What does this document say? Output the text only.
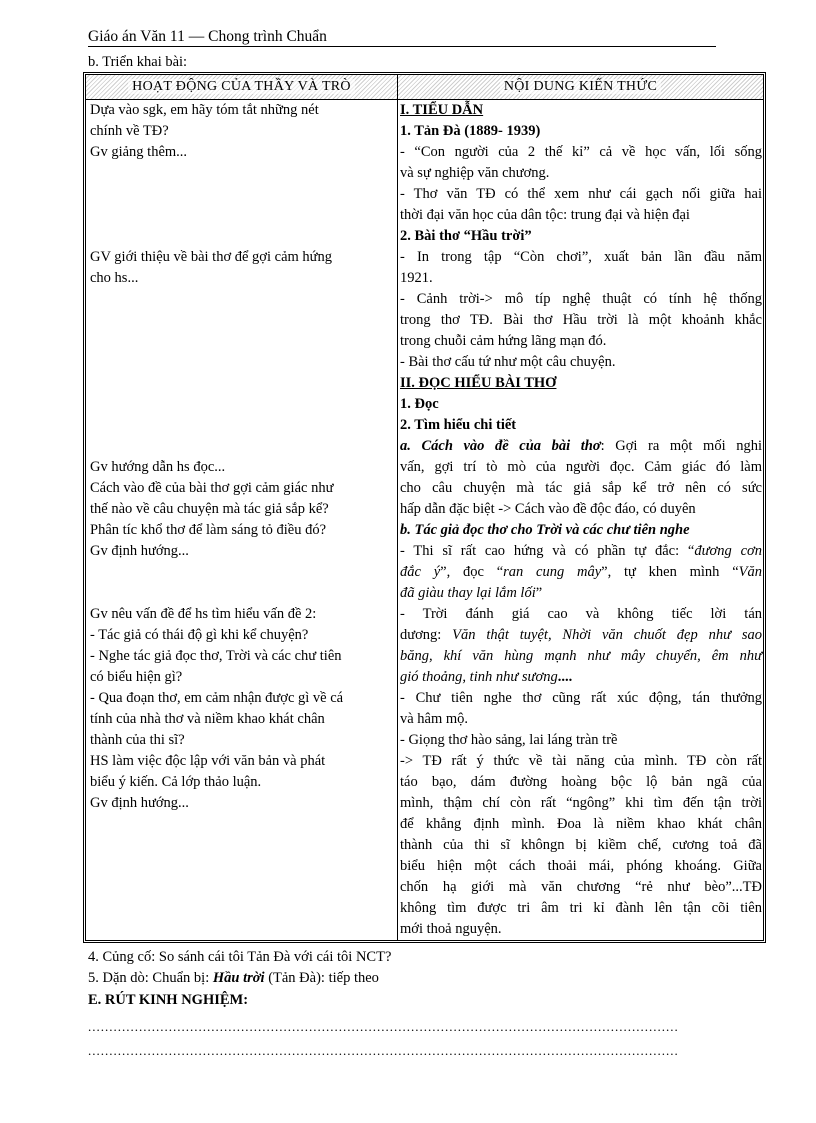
Giáo án Văn 11 — Chong trình Chuẩn
b. Triển khai bài:
HOẠT ĐỘNG CỦA THẦY VÀ TRÒ	NỘI DUNG KIẾN THỨC

Dựa vào sgk, em hãy tóm tắt những nét

chính về TĐ?

Gv giảng thêm...

GV giới thiệu về bài thơ để gợi cảm hứng

cho hs...

Gv hướng dẫn hs đọc...

Cách vào đề của bài thơ gợi cảm giác như

thế nào về câu chuyện mà tác giả sắp kể?

Phân tíc khổ thơ để làm sáng tỏ điều đó?

Gv định hướng...

Gv nêu vấn đề để hs tìm hiểu vấn đề 2:

- Tác giả có thái độ gì khi kể chuyện?

- Nghe tác giả đọc thơ, Trời và các chư tiên

có biểu hiện gì?

- Qua đoạn thơ, em cảm nhận được gì về cá

tính của nhà thơ và niềm khao khát chân

thành của thi sĩ?

HS làm việc độc lập với văn bản và phát

biểu ý kiến. Cả lớp thảo luận.

Gv định hướng...

I. TIỂU DẪN

1. Tản Đà (1889- 1939)

- “Con người của 2 thế kỉ” cả về học vấn, lối sống

và sự nghiệp văn chương.

- Thơ văn TĐ có thể xem như cái gạch nối giữa hai

thời đại văn học của dân tộc: trung đại và hiện đại

2. Bài thơ “Hầu trời”

- In trong tập “Còn chơi”, xuất bản lần đầu năm

1921.

- Cảnh trời-> mô típ nghệ thuật có tính hệ thống

trong thơ TĐ. Bài thơ Hầu trời là một khoảnh khắc

trong chuỗi cảm hứng lãng mạn đó.

- Bài thơ cấu tứ như một câu chuyện.

II. ĐỌC HIỂU BÀI THƠ

1. Đọc

2. Tìm hiểu chi tiết

a. Cách vào đề của bài thơ: Gợi ra một mối nghi

vấn, gợi trí tò mò của người đọc. Cảm giác đó làm

cho câu chuyện mà tác giả sắp kể trở nên có sức

hấp dẫn đặc biệt -> Cách vào đề độc đáo, có duyên

b. Tác giả đọc thơ cho Trời và các chư tiên nghe

- Thi sĩ rất cao hứng và có phần tự đắc: “đương cơn

đắc ý”, đọc “ran cung mây”, tự khen mình “Văn

đã giàu thay lại lắm lối”

- Trời đánh giá cao và không tiếc lời tán

dương: Văn thật tuyệt, Nhời văn chuốt đẹp như sao

băng, khí văn hùng mạnh như mây chuyển, êm như

gió thoảng, tinh như sương....

- Chư tiên nghe thơ cũng rất xúc động, tán thưởng

và hâm mộ.

- Giọng thơ hào sảng, lai láng tràn trề

-> TĐ rất ý thức về tài năng của mình. TĐ còn rất

táo bạo, dám đường hoàng bộc lộ bản ngã của

mình, thậm chí còn rất “ngông” khi tìm đến tận trời

để khẳng định mình. Đoa là niềm khao khát chân

thành của thi sĩ khôngn bị kiềm chế, cương toả đã

biểu hiện một cách thoải mái, phóng khoáng. Giữa

chốn hạ giới mà văn chương “rẻ như bèo”...TĐ

không tìm được tri âm tri kỉ đành lên tận cõi tiên

mới thoả nguyện.

4. Củng cố: So sánh cái tôi Tản Đà với cái tôi NCT?
5. Dặn dò: Chuẩn bị: Hầu trời (Tản Đà): tiếp theo
E. RÚT KINH NGHIỆM:
...........................................................................................................................................
...........................................................................................................................................
